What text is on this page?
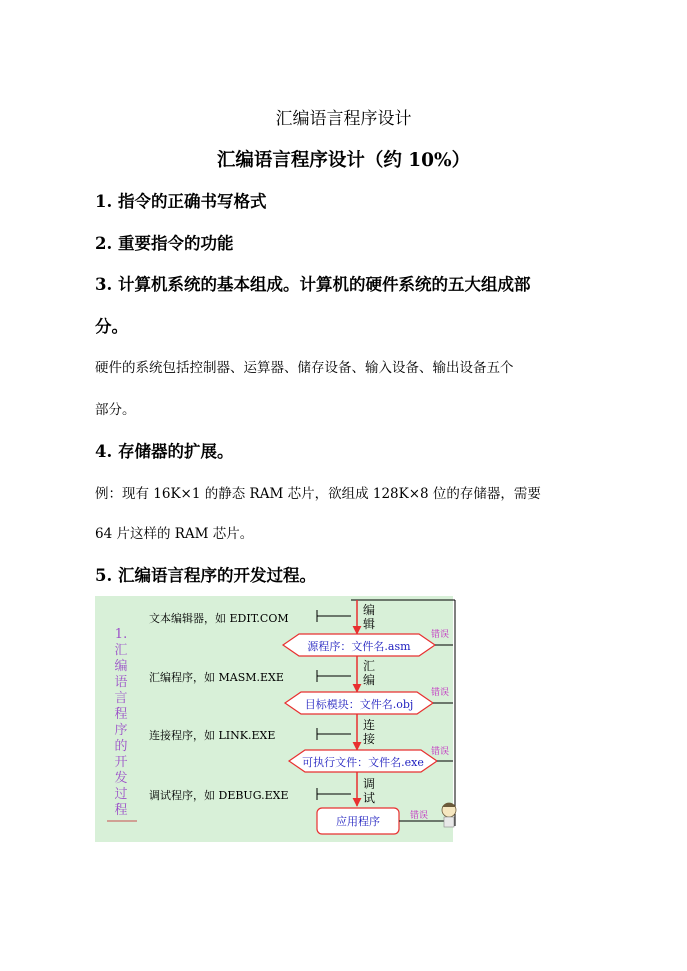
汇编语言程序设计
汇编语言程序设计（约 10%）
1. 指令的正确书写格式
2. 重要指令的功能
3. 计算机系统的基本组成。计算机的硬件系统的五大组成部
分。
硬件的系统包括控制器、运算器、储存设备、输入设备、输出设备五个
部分。
4. 存储器的扩展。
例：现有 16K×1 的静态 RAM 芯片，欲组成 128K×8 位的存储器，需要
64 片这样的 RAM 芯片。
5. 汇编语言程序的开发过程。
1.
汇
编
语
言
程
序
的
开
发
过
程
文本编辑器，如 EDIT.COM
汇编程序，如 MASM.EXE
连接程序，如 LINK.EXE
调试程序，如 DEBUG.EXE
编
辑
汇
编
连
接
调
试
源程序：文件名.asm
目标模块：文件名.obj
可执行文件：文件名.exe
应用程序
错误
错误
错误
错误
